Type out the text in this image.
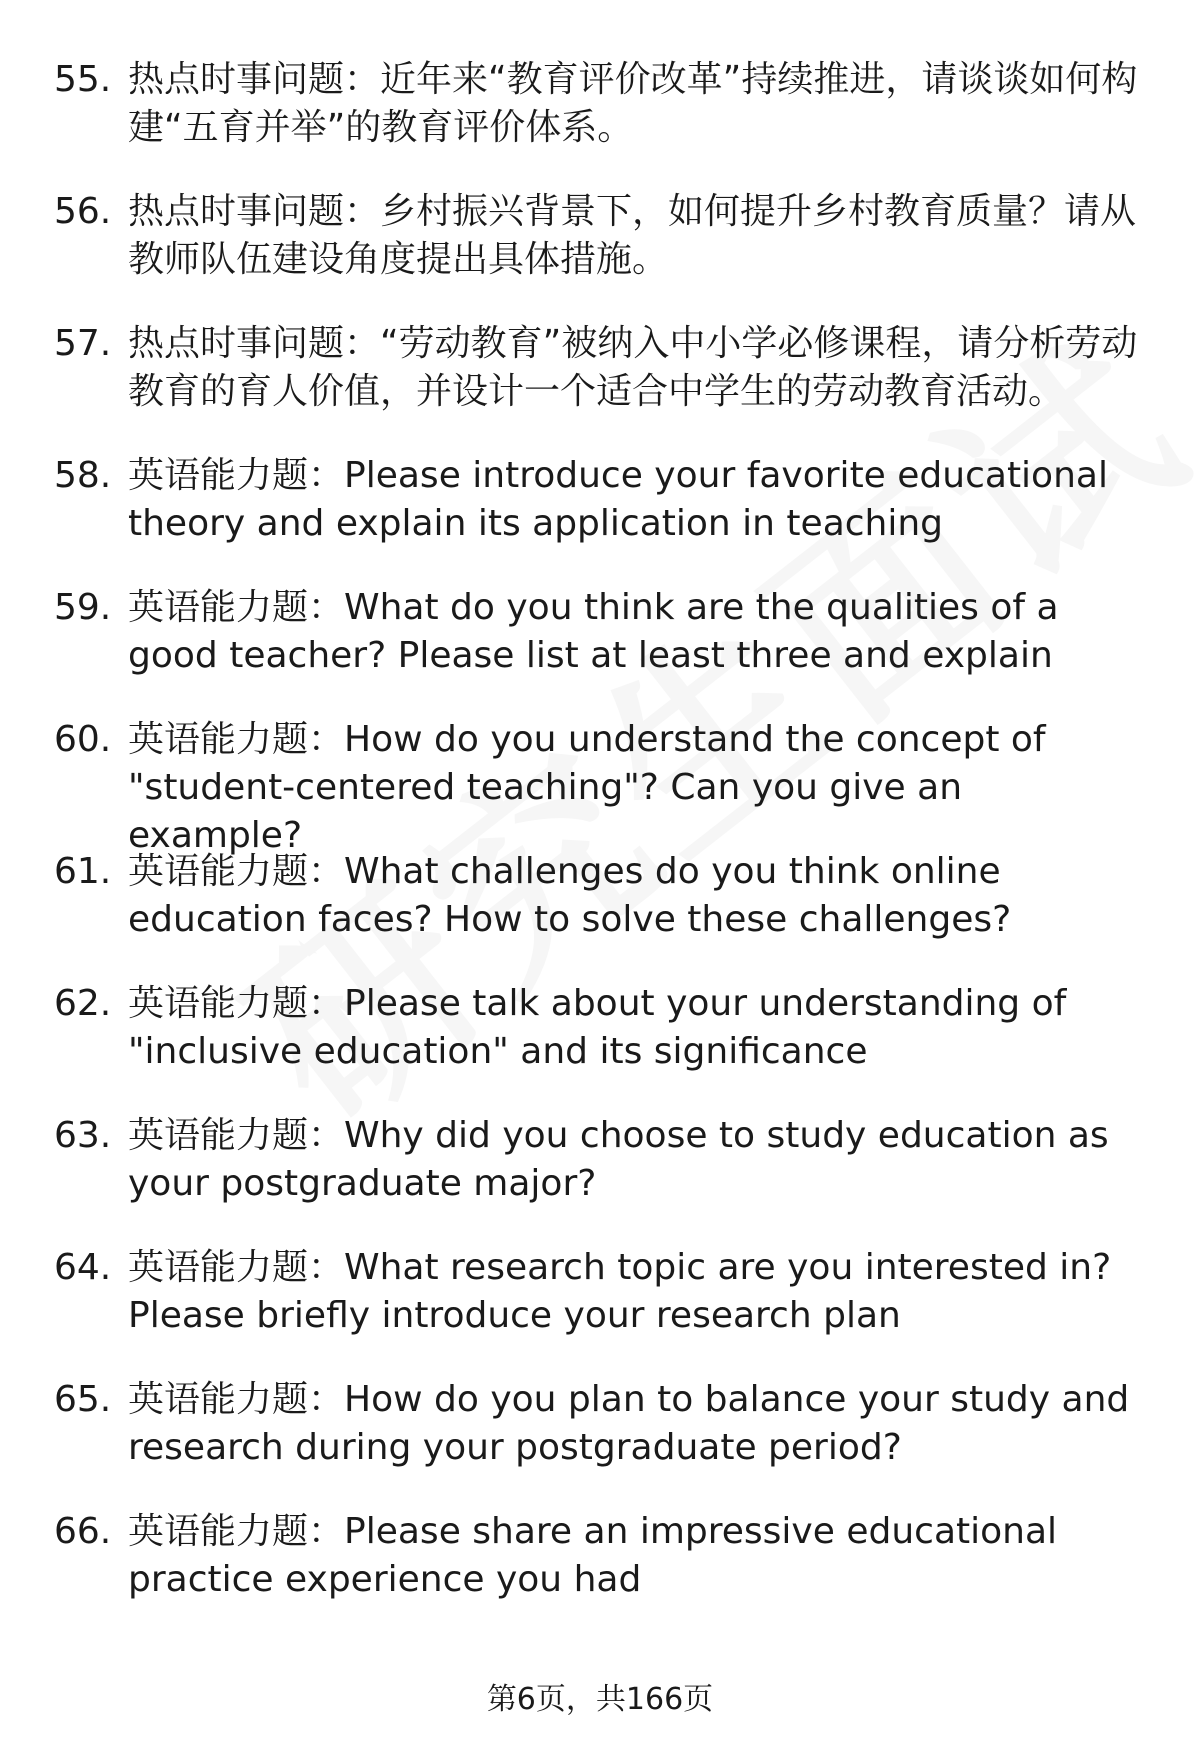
55. 热点时事问题：近年来“教育评价改革”持续推进，请谈谈如何构建“五育并举”的教育评价体系。
56. 热点时事问题：乡村振兴背景下，如何提升乡村教育质量？请从教师队伍建设角度提出具体措施。
57. 热点时事问题：“劳动教育”被纳入中小学必修课程，请分析劳动教育的育人价值，并设计一个适合中学生的劳动教育活动。
58. 英语能力题：Please introduce your favorite educational theory and explain its application in teaching
59. 英语能力题：What do you think are the qualities of a good teacher? Please list at least three and explain
60. 英语能力题：How do you understand the concept of "student-centered teaching"? Can you give an example?
61. 英语能力题：What challenges do you think online education faces? How to solve these challenges?
62. 英语能力题：Please talk about your understanding of "inclusive education" and its significance
63. 英语能力题：Why did you choose to study education as your postgraduate major?
64. 英语能力题：What research topic are you interested in? Please briefly introduce your research plan
65. 英语能力题：How do you plan to balance your study and research during your postgraduate period?
66. 英语能力题：Please share an impressive educational practice experience you had
第6页，共166页
